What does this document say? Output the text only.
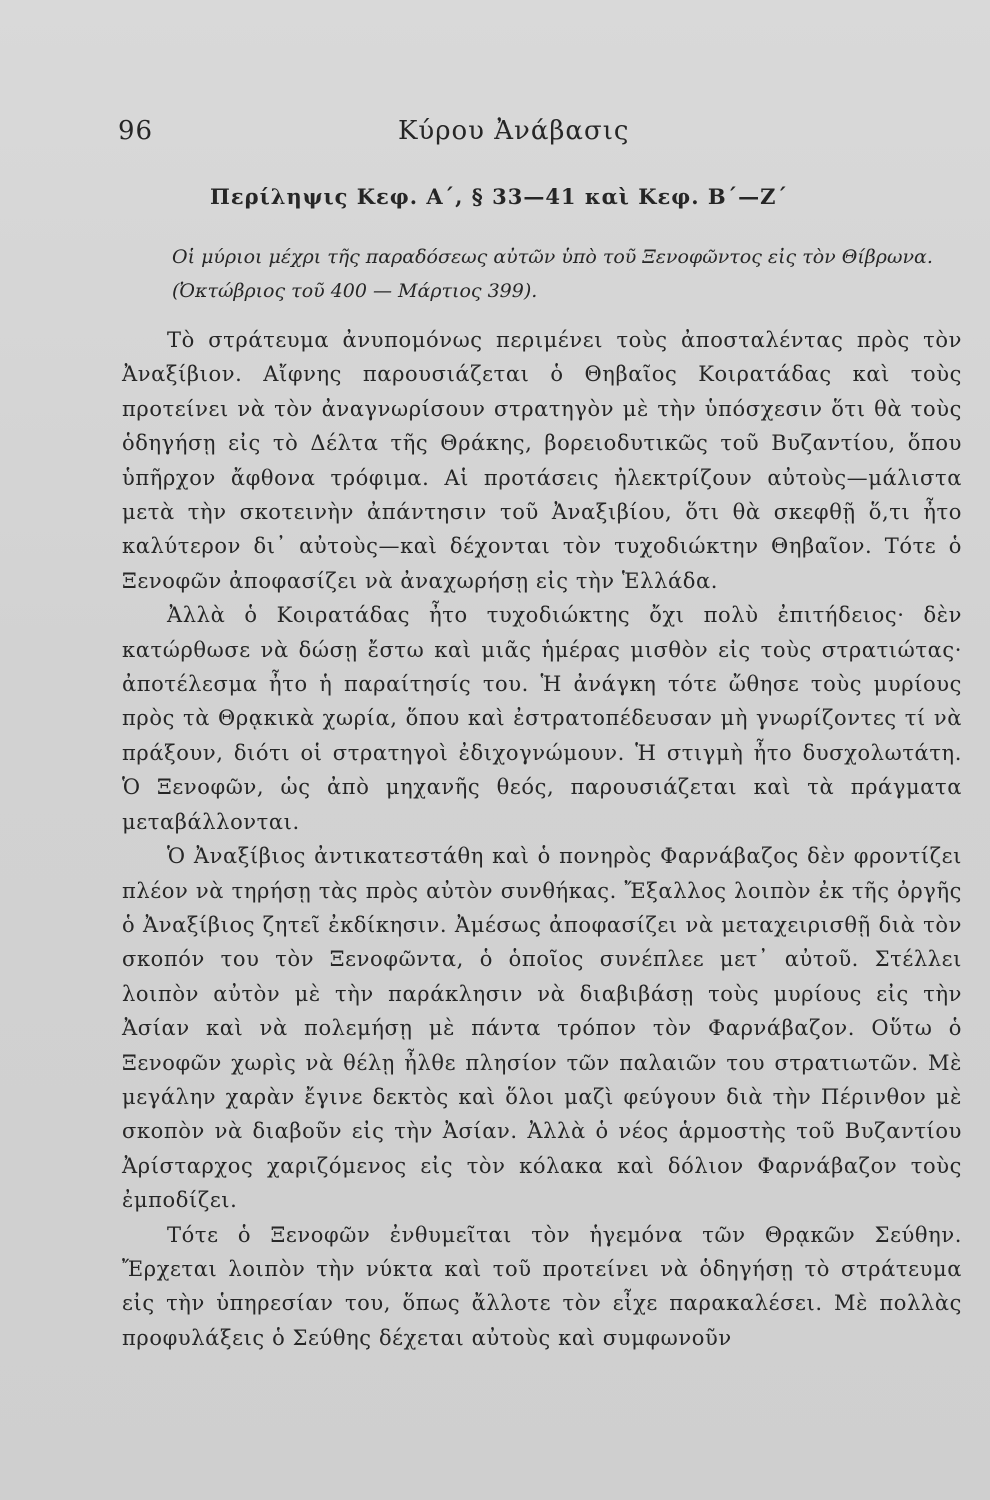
96	Κύρου Ἀνάβασις
Περίληψις Κεφ. Α΄, § 33—41 καὶ Κεφ. Β΄—Ζ΄
Οἱ μύριοι μέχρι τῆς παραδόσεως αὐτῶν ὑπὸ τοῦ Ξενοφῶντος εἰς τὸν Θίβρωνα. (Ὀκτώβριος τοῦ 400 — Μάρτιος 399).

Τὸ στράτευμα ἀνυπομόνως περιμένει τοὺς ἀποσταλέντας πρὸς τὸν Ἀναξίβιον. Αἴφνης παρουσιάζεται ὁ Θηβαῖος Κοιρατάδας καὶ τοὺς προτείνει νὰ τὸν ἀναγνωρίσουν στρατηγὸν μὲ τὴν ὑπόσχεσιν ὅτι θὰ τοὺς ὁδηγήσῃ εἰς τὸ Δέλτα τῆς Θράκης, βορειοδυτικῶς τοῦ Βυζαντίου, ὅπου ὑπῆρχον ἄφθονα τρόφιμα. Αἱ προτάσεις ἠλεκτρίζουν αὐτοὺς—μάλιστα μετὰ τὴν σκοτεινὴν ἀπάντησιν τοῦ Ἀναξιβίου, ὅτι θὰ σκεφθῇ ὅ,τι ἦτο καλύτερον δι᾽ αὐτοὺς—καὶ δέχονται τὸν τυχοδιώκτην Θηβαῖον. Τότε ὁ Ξενοφῶν ἀποφασίζει νὰ ἀναχωρήσῃ εἰς τὴν Ἑλλάδα.

Ἀλλὰ ὁ Κοιρατάδας ἦτο τυχοδιώκτης ὄχι πολὺ ἐπιτήδειος· δὲν κατώρθωσε νὰ δώσῃ ἔστω καὶ μιᾶς ἡμέρας μισθὸν εἰς τοὺς στρατιώτας· ἀποτέλεσμα ἦτο ἡ παραίτησίς του. Ἡ ἀνάγκη τότε ὤθησε τοὺς μυρίους πρὸς τὰ Θρᾳκικὰ χωρία, ὅπου καὶ ἐστρατοπέδευσαν μὴ γνωρίζοντες τί νὰ πράξουν, διότι οἱ στρατηγοὶ ἐδιχογνώμουν. Ἡ στιγμὴ ἦτο δυσχολωτάτη. Ὁ Ξενοφῶν, ὡς ἀπὸ μηχανῆς θεός, παρουσιάζεται καὶ τὰ πράγματα μεταβάλλονται.

Ὁ Ἀναξίβιος ἀντικατεστάθη καὶ ὁ πονηρὸς Φαρνάβαζος δὲν φροντίζει πλέον νὰ τηρήσῃ τὰς πρὸς αὐτὸν συνθήκας. Ἔξαλλος λοιπὸν ἐκ τῆς ὀργῆς ὁ Ἀναξίβιος ζητεῖ ἐκδίκησιν. Ἀμέσως ἀποφασίζει νὰ μεταχειρισθῇ διὰ τὸν σκοπόν του τὸν Ξενοφῶντα, ὁ ὁποῖος συνέπλεε μετ᾽ αὐτοῦ. Στέλλει λοιπὸν αὐτὸν μὲ τὴν παράκλησιν νὰ διαβιβάσῃ τοὺς μυρίους εἰς τὴν Ἀσίαν καὶ νὰ πολεμήσῃ μὲ πάντα τρόπον τὸν Φαρνάβαζον. Οὕτω ὁ Ξενοφῶν χωρὶς νὰ θέλῃ ἦλθε πλησίον τῶν παλαιῶν του στρατιωτῶν. Μὲ μεγάλην χαρὰν ἔγινε δεκτὸς καὶ ὅλοι μαζὶ φεύγουν διὰ τὴν Πέρινθον μὲ σκοπὸν νὰ διαβοῦν εἰς τὴν Ἀσίαν. Ἀλλὰ ὁ νέος ἁρμοστὴς τοῦ Βυζαντίου Ἀρίσταρχος χαριζόμενος εἰς τὸν κόλακα καὶ δόλιον Φαρνάβαζον τοὺς ἐμποδίζει.

Τότε ὁ Ξενοφῶν ἐνθυμεῖται τὸν ἡγεμόνα τῶν Θρᾳκῶν Σεύθην. Ἔρχεται λοιπὸν τὴν νύκτα καὶ τοῦ προτείνει νὰ ὁδηγήσῃ τὸ στράτευμα εἰς τὴν ὑπηρεσίαν του, ὅπως ἄλλοτε τὸν εἶχε παρακαλέσει. Μὲ πολλὰς προφυλάξεις ὁ Σεύθης δέχεται αὐτοὺς καὶ συμφωνοῦν
